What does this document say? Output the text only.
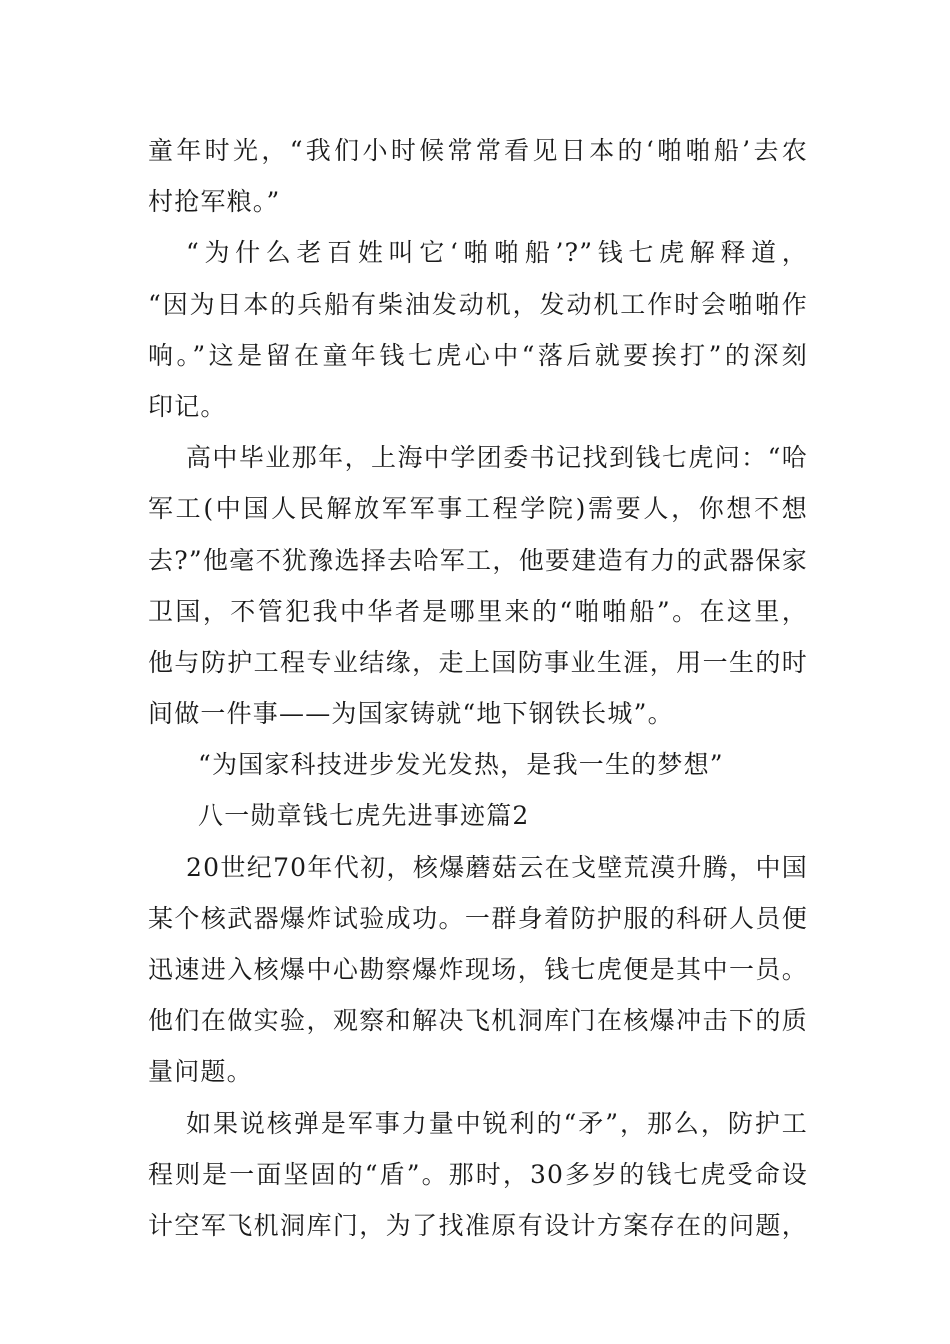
童年时光，“我们小时候常常看见日本的‘啪啪船’去农
村抢军粮。”
“为什么老百姓叫它‘啪啪船’?”钱七虎解释道，
“因为日本的兵船有柴油发动机，发动机工作时会啪啪作
响。”这是留在童年钱七虎心中“落后就要挨打”的深刻
印记。
高中毕业那年，上海中学团委书记找到钱七虎问：“哈
军工(中国人民解放军军事工程学院)需要人，你想不想
去?”他毫不犹豫选择去哈军工，他要建造有力的武器保家
卫国，不管犯我中华者是哪里来的“啪啪船”。在这里，
他与防护工程专业结缘，走上国防事业生涯，用一生的时
间做一件事——为国家铸就“地下钢铁长城”。
“为国家科技进步发光发热，是我一生的梦想”
八一勋章钱七虎先进事迹篇2
20世纪70年代初，核爆蘑菇云在戈壁荒漠升腾，中国
某个核武器爆炸试验成功。一群身着防护服的科研人员便
迅速进入核爆中心勘察爆炸现场，钱七虎便是其中一员。
他们在做实验，观察和解决飞机洞库门在核爆冲击下的质
量问题。
如果说核弹是军事力量中锐利的“矛”，那么，防护工
程则是一面坚固的“盾”。那时，30多岁的钱七虎受命设
计空军飞机洞库门，为了找准原有设计方案存在的问题，
